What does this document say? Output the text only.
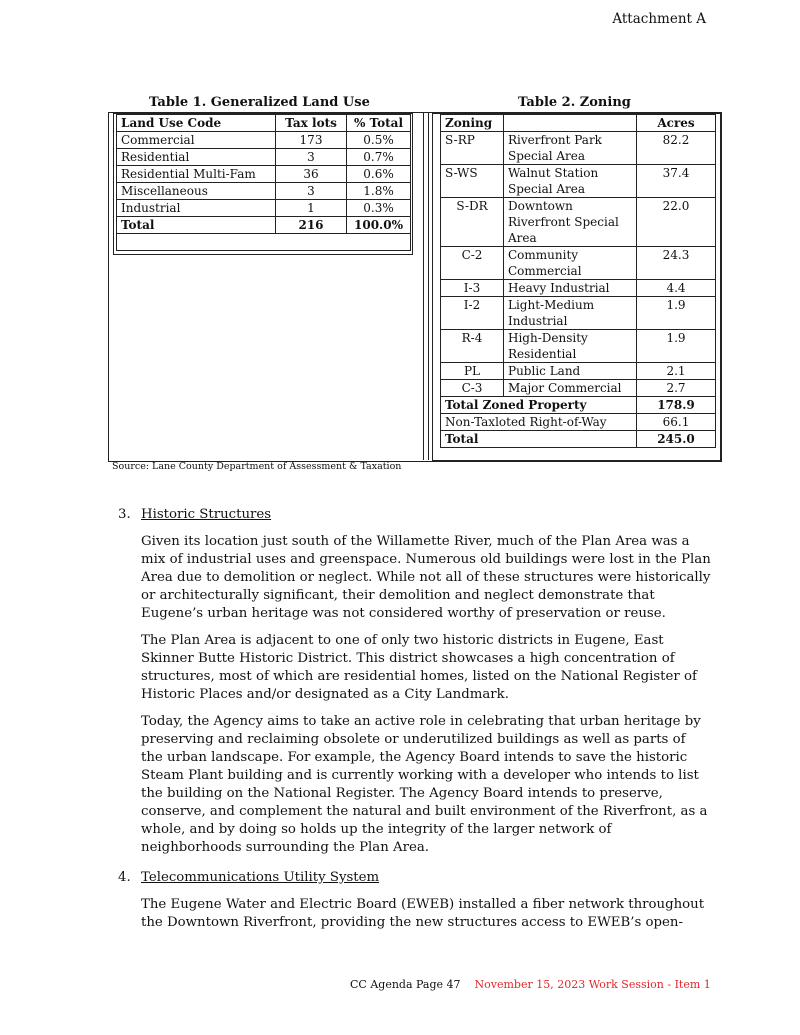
Attachment A
Table 1. Generalized Land Use	Table 2. Zoning
Land Use Code	Tax lots	% Total
Commercial	173	0.5%
Residential	3	0.7%
Residential Multi-Fam	36	0.6%
Miscellaneous	3	1.8%
Industrial	1	0.3%
Total	216	100.0%

Zoning		Acres
S-RP	Riverfront Park Special Area	82.2
S-WS	Walnut Station Special Area	37.4
S-DR	Downtown Riverfront Special Area	22.0
C-2	Community Commercial	24.3
I-3	Heavy Industrial	4.4
I-2	Light-Medium Industrial	1.9
R-4	High-Density Residential	1.9
PL	Public Land	2.1
C-3	Major Commercial	2.7
Total Zoned Property		178.9
Non-Taxloted Right-of-Way		66.1
Total		245.0
Source: Lane County Department of Assessment & Taxation
3. Historic Structures

Given its location just south of the Willamette River, much of the Plan Area was a mix of industrial uses and greenspace. Numerous old buildings were lost in the Plan Area due to demolition or neglect. While not all of these structures were historically or architecturally significant, their demolition and neglect demonstrate that Eugene’s urban heritage was not considered worthy of preservation or reuse.

The Plan Area is adjacent to one of only two historic districts in Eugene, East Skinner Butte Historic District. This district showcases a high concentration of structures, most of which are residential homes, listed on the National Register of Historic Places and/or designated as a City Landmark.

Today, the Agency aims to take an active role in celebrating that urban heritage by preserving and reclaiming obsolete or underutilized buildings as well as parts of the urban landscape. For example, the Agency Board intends to save the historic Steam Plant building and is currently working with a developer who intends to list the building on the National Register. The Agency Board intends to preserve, conserve, and complement the natural and built environment of the Riverfront, as a whole, and by doing so holds up the integrity of the larger network of neighborhoods surrounding the Plan Area.

4. Telecommunications Utility System

The Eugene Water and Electric Board (EWEB) installed a fiber network throughout the Downtown Riverfront, providing the new structures access to EWEB’s open-

CC Agenda Page 47 November 15, 2023 Work Session - Item 1
